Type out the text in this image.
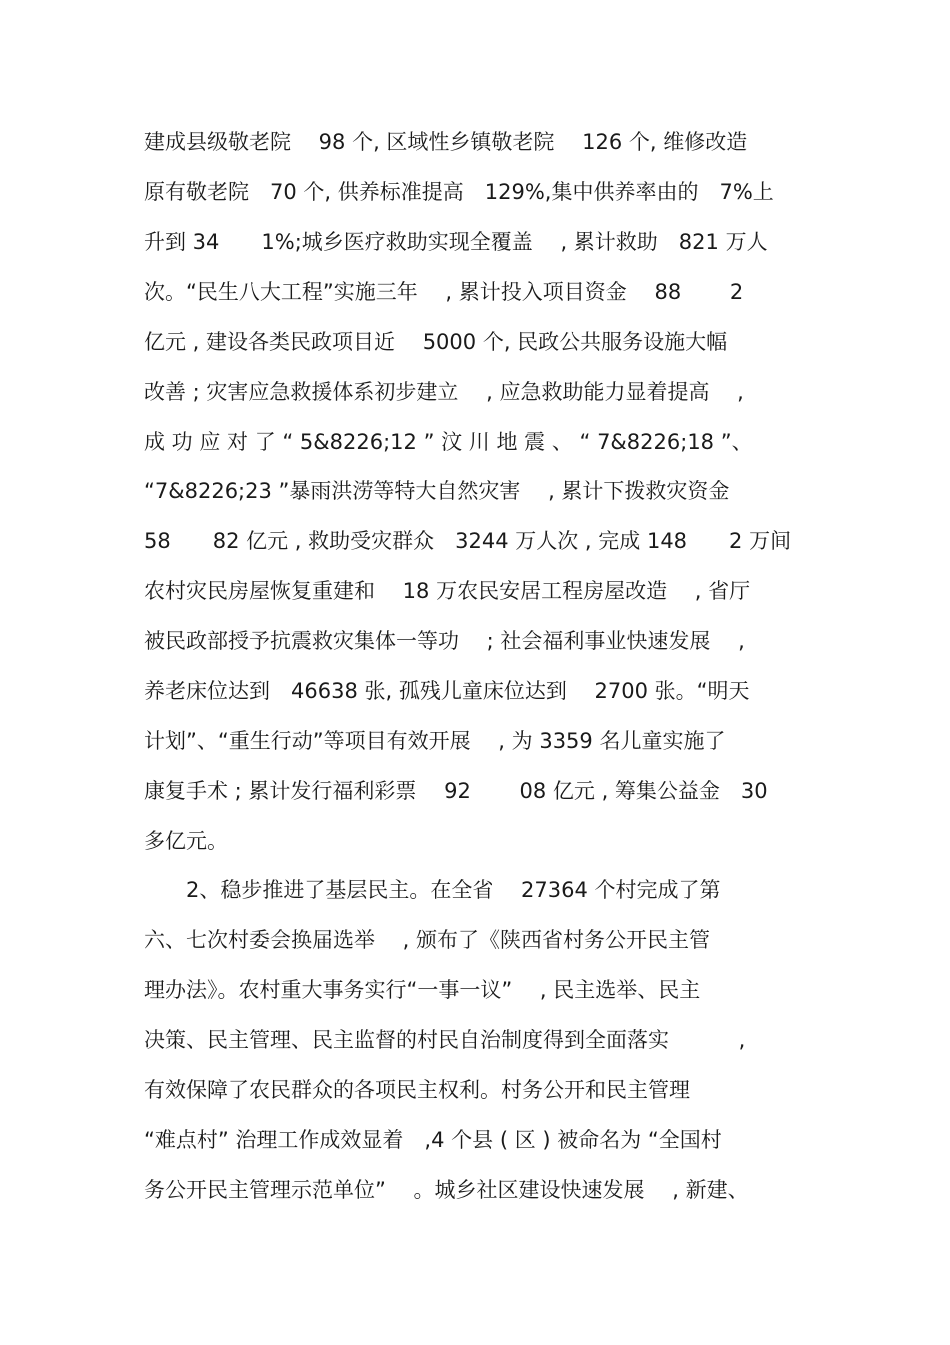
建成县级敬老院　 98 个, 区域性乡镇敬老院　 126 个, 维修改造
原有敬老院　70 个, 供养标准提高　129%,集中供养率由的　7%上
升到 34　　1%;城乡医疗救助实现全覆盖　 , 累计救助　821 万人
次。“民生八大工程”实施三年　 , 累计投入项目资金　 88　　 2
亿元 , 建设各类民政项目近　 5000 个, 民政公共服务设施大幅
改善 ; 灾害应急救援体系初步建立　 , 应急救助能力显着提高　 ,
成 功 应 对 了 “ 5&8226;12 ” 汶 川 地 震 、 “ 7&8226;18 ”、
“7&8226;23 ”暴雨洪涝等特大自然灾害　 , 累计下拨救灾资金
58　　82 亿元 , 救助受灾群众　3244 万人次 , 完成 148　　2 万间
农村灾民房屋恢复重建和　 18 万农民安居工程房屋改造　 , 省厅
被民政部授予抗震救灾集体一等功　 ; 社会福利事业快速发展　 ,
养老床位达到　46638 张, 孤残儿童床位达到　 2700 张。“明天
计划”、“重生行动”等项目有效开展　 , 为 3359 名儿童实施了
康复手术 ; 累计发行福利彩票　 92　　 08 亿元 , 筹集公益金　30
多亿元。
　　2、稳步推进了基层民主。在全省　 27364 个村完成了第
六、七次村委会换届选举　 , 颁布了《陕西省村务公开民主管
理办法》。农村重大事务实行“一事一议”　 , 民主选举、民主
决策、民主管理、民主监督的村民自治制度得到全面落实　　　 ,
有效保障了农民群众的各项民主权利。村务公开和民主管理
“难点村” 治理工作成效显着　,4 个县 ( 区 ) 被命名为 “全国村
务公开民主管理示范单位”　 。城乡社区建设快速发展　 , 新建、
